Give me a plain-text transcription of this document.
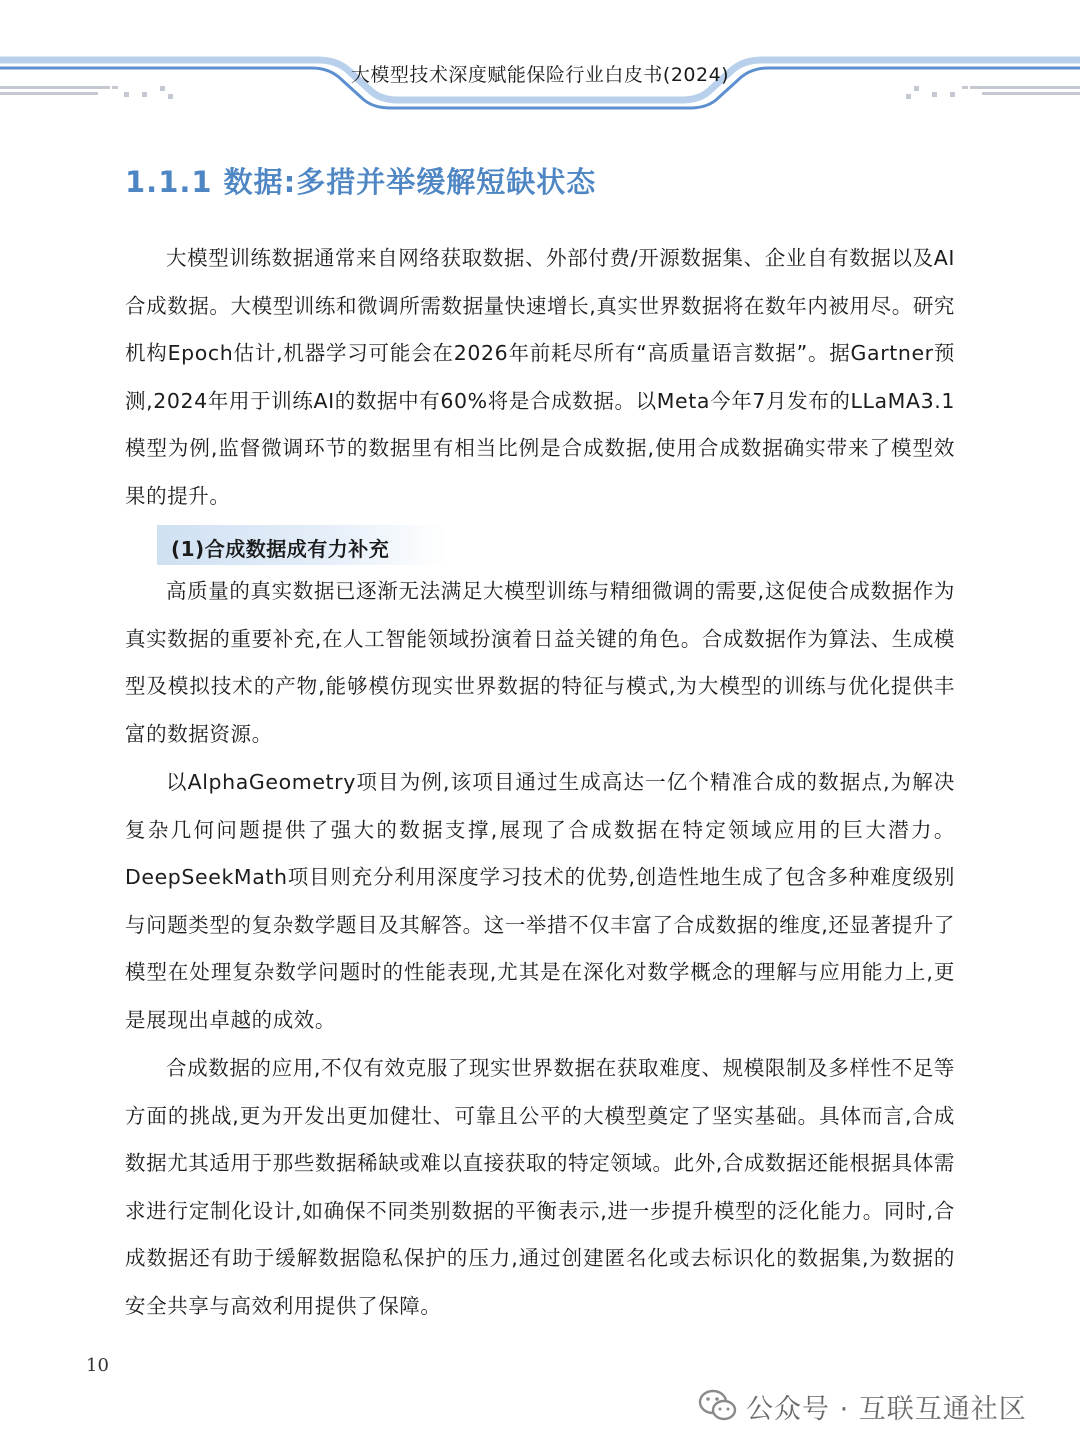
大模型技术深度赋能保险行业白皮书(2024)
1.1.1 数据:多措并举缓解短缺状态
大模型训练数据通常来自网络获取数据、外部付费/开源数据集、企业自有数据以及AI合成数据。大模型训练和微调所需数据量快速增长,真实世界数据将在数年内被用尽。研究机构Epoch估计,机器学习可能会在2026年前耗尽所有“高质量语言数据”。据Gartner预测,2024年用于训练AI的数据中有60%将是合成数据。以Meta今年7月发布的LLaMA3.1模型为例,监督微调环节的数据里有相当比例是合成数据,使用合成数据确实带来了模型效果的提升。
(1)合成数据成有力补充
高质量的真实数据已逐渐无法满足大模型训练与精细微调的需要,这促使合成数据作为真实数据的重要补充,在人工智能领域扮演着日益关键的角色。合成数据作为算法、生成模型及模拟技术的产物,能够模仿现实世界数据的特征与模式,为大模型的训练与优化提供丰富的数据资源。
以AlphaGeometry项目为例,该项目通过生成高达一亿个精准合成的数据点,为解决复杂几何问题提供了强大的数据支撑,展现了合成数据在特定领域应用的巨大潜力。DeepSeekMath项目则充分利用深度学习技术的优势,创造性地生成了包含多种难度级别与问题类型的复杂数学题目及其解答。这一举措不仅丰富了合成数据的维度,还显著提升了模型在处理复杂数学问题时的性能表现,尤其是在深化对数学概念的理解与应用能力上,更是展现出卓越的成效。
合成数据的应用,不仅有效克服了现实世界数据在获取难度、规模限制及多样性不足等方面的挑战,更为开发出更加健壮、可靠且公平的大模型奠定了坚实基础。具体而言,合成数据尤其适用于那些数据稀缺或难以直接获取的特定领域。此外,合成数据还能根据具体需求进行定制化设计,如确保不同类别数据的平衡表示,进一步提升模型的泛化能力。同时,合成数据还有助于缓解数据隐私保护的压力,通过创建匿名化或去标识化的数据集,为数据的安全共享与高效利用提供了保障。
10
公众号 · 互联互通社区
